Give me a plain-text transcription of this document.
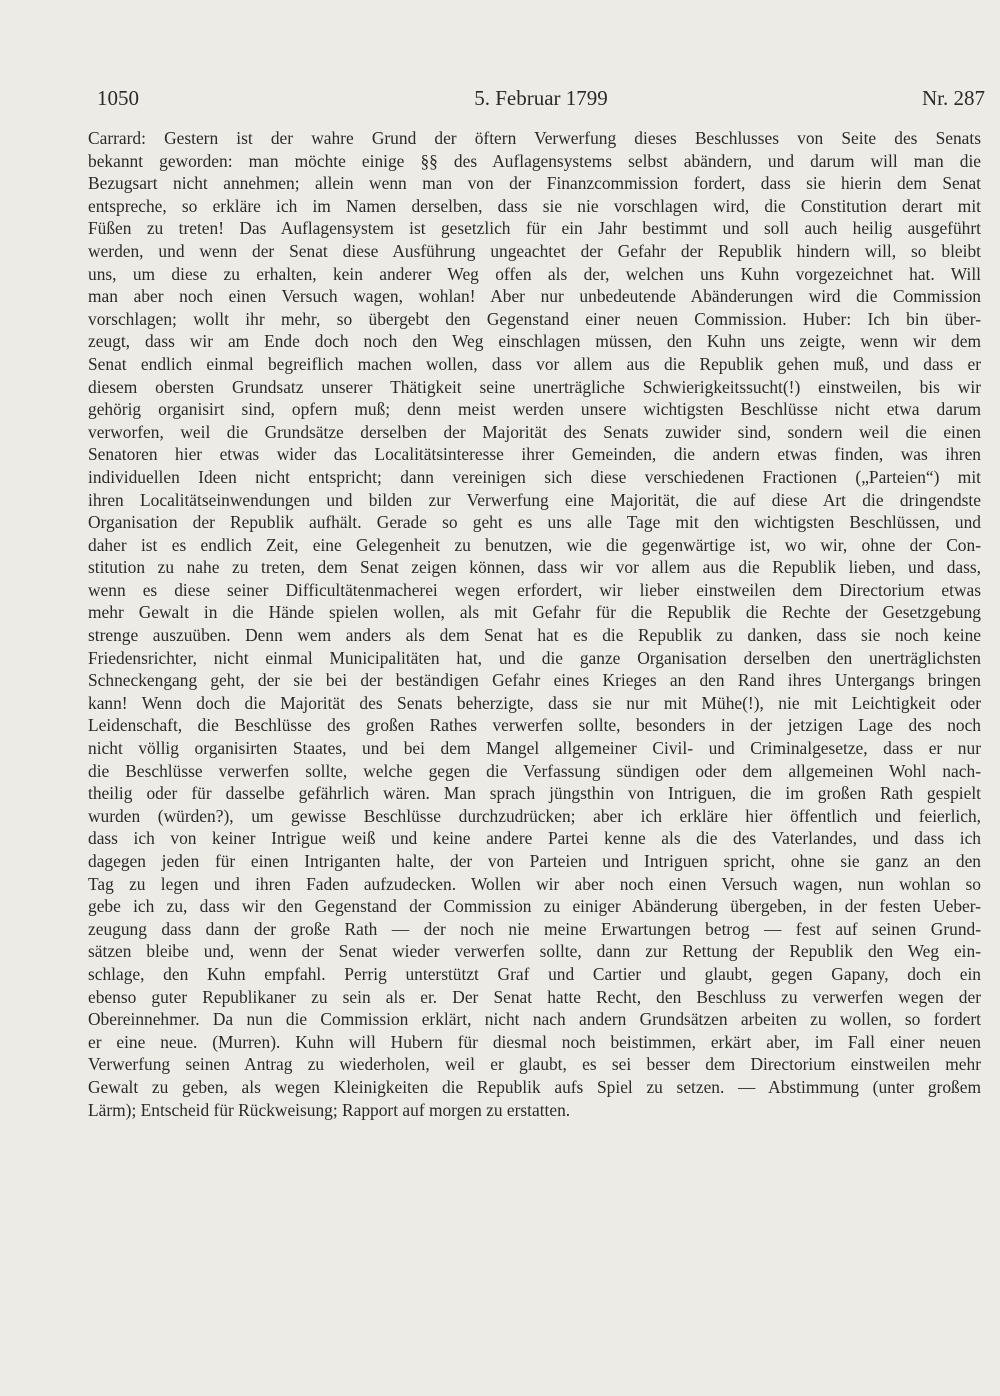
1050	5. Februar 1799	Nr. 287
Carrard: Gestern ist der wahre Grund der öftern Verwerfung dieses Beschlusses von Seite des Senats
bekannt geworden: man möchte einige §§ des Auflagensystems selbst abändern, und darum will man die
Bezugsart nicht annehmen; allein wenn man von der Finanzcommission fordert, dass sie hierin dem Senat
entspreche, so erkläre ich im Namen derselben, dass sie nie vorschlagen wird, die Constitution derart mit
Füßen zu treten! Das Auflagensystem ist gesetzlich für ein Jahr bestimmt und soll auch heilig ausgeführt
werden, und wenn der Senat diese Ausführung ungeachtet der Gefahr der Republik hindern will, so bleibt
uns, um diese zu erhalten, kein anderer Weg offen als der, welchen uns Kuhn vorgezeichnet hat. Will
man aber noch einen Versuch wagen, wohlan! Aber nur unbedeutende Abänderungen wird die Commission
vorschlagen; wollt ihr mehr, so übergebt den Gegenstand einer neuen Commission. Huber: Ich bin über-
zeugt, dass wir am Ende doch noch den Weg einschlagen müssen, den Kuhn uns zeigte, wenn wir dem
Senat endlich einmal begreiflich machen wollen, dass vor allem aus die Republik gehen muß, und dass er
diesem obersten Grundsatz unserer Thätigkeit seine unerträgliche Schwierigkeitssucht(!) einstweilen, bis wir
gehörig organisirt sind, opfern muß; denn meist werden unsere wichtigsten Beschlüsse nicht etwa darum
verworfen, weil die Grundsätze derselben der Majorität des Senats zuwider sind, sondern weil die einen
Senatoren hier etwas wider das Localitätsinteresse ihrer Gemeinden, die andern etwas finden, was ihren
individuellen Ideen nicht entspricht; dann vereinigen sich diese verschiedenen Fractionen („Parteien“) mit
ihren Localitätseinwendungen und bilden zur Verwerfung eine Majorität, die auf diese Art die dringendste
Organisation der Republik aufhält. Gerade so geht es uns alle Tage mit den wichtigsten Beschlüssen, und
daher ist es endlich Zeit, eine Gelegenheit zu benutzen, wie die gegenwärtige ist, wo wir, ohne der Con-
stitution zu nahe zu treten, dem Senat zeigen können, dass wir vor allem aus die Republik lieben, und dass,
wenn es diese seiner Difficultätenmacherei wegen erfordert, wir lieber einstweilen dem Directorium etwas
mehr Gewalt in die Hände spielen wollen, als mit Gefahr für die Republik die Rechte der Gesetzgebung
strenge auszuüben. Denn wem anders als dem Senat hat es die Republik zu danken, dass sie noch keine
Friedensrichter, nicht einmal Municipalitäten hat, und die ganze Organisation derselben den unerträglichsten
Schneckengang geht, der sie bei der beständigen Gefahr eines Krieges an den Rand ihres Untergangs bringen
kann! Wenn doch die Majorität des Senats beherzigte, dass sie nur mit Mühe(!), nie mit Leichtigkeit oder
Leidenschaft, die Beschlüsse des großen Rathes verwerfen sollte, besonders in der jetzigen Lage des noch
nicht völlig organisirten Staates, und bei dem Mangel allgemeiner Civil- und Criminalgesetze, dass er nur
die Beschlüsse verwerfen sollte, welche gegen die Verfassung sündigen oder dem allgemeinen Wohl nach-
theilig oder für dasselbe gefährlich wären. Man sprach jüngsthin von Intriguen, die im großen Rath gespielt
wurden (würden?), um gewisse Beschlüsse durchzudrücken; aber ich erkläre hier öffentlich und feierlich,
dass ich von keiner Intrigue weiß und keine andere Partei kenne als die des Vaterlandes, und dass ich
dagegen jeden für einen Intriganten halte, der von Parteien und Intriguen spricht, ohne sie ganz an den
Tag zu legen und ihren Faden aufzudecken. Wollen wir aber noch einen Versuch wagen, nun wohlan so
gebe ich zu, dass wir den Gegenstand der Commission zu einiger Abänderung übergeben, in der festen Ueber-
zeugung dass dann der große Rath — der noch nie meine Erwartungen betrog — fest auf seinen Grund-
sätzen bleibe und, wenn der Senat wieder verwerfen sollte, dann zur Rettung der Republik den Weg ein-
schlage, den Kuhn empfahl. Perrig unterstützt Graf und Cartier und glaubt, gegen Gapany, doch ein
ebenso guter Republikaner zu sein als er. Der Senat hatte Recht, den Beschluss zu verwerfen wegen der
Obereinnehmer. Da nun die Commission erklärt, nicht nach andern Grundsätzen arbeiten zu wollen, so fordert
er eine neue. (Murren). Kuhn will Hubern für diesmal noch beistimmen, erkärt aber, im Fall einer neuen
Verwerfung seinen Antrag zu wiederholen, weil er glaubt, es sei besser dem Directorium einstweilen mehr
Gewalt zu geben, als wegen Kleinigkeiten die Republik aufs Spiel zu setzen. — Abstimmung (unter großem
Lärm); Entscheid für Rückweisung; Rapport auf morgen zu erstatten.
